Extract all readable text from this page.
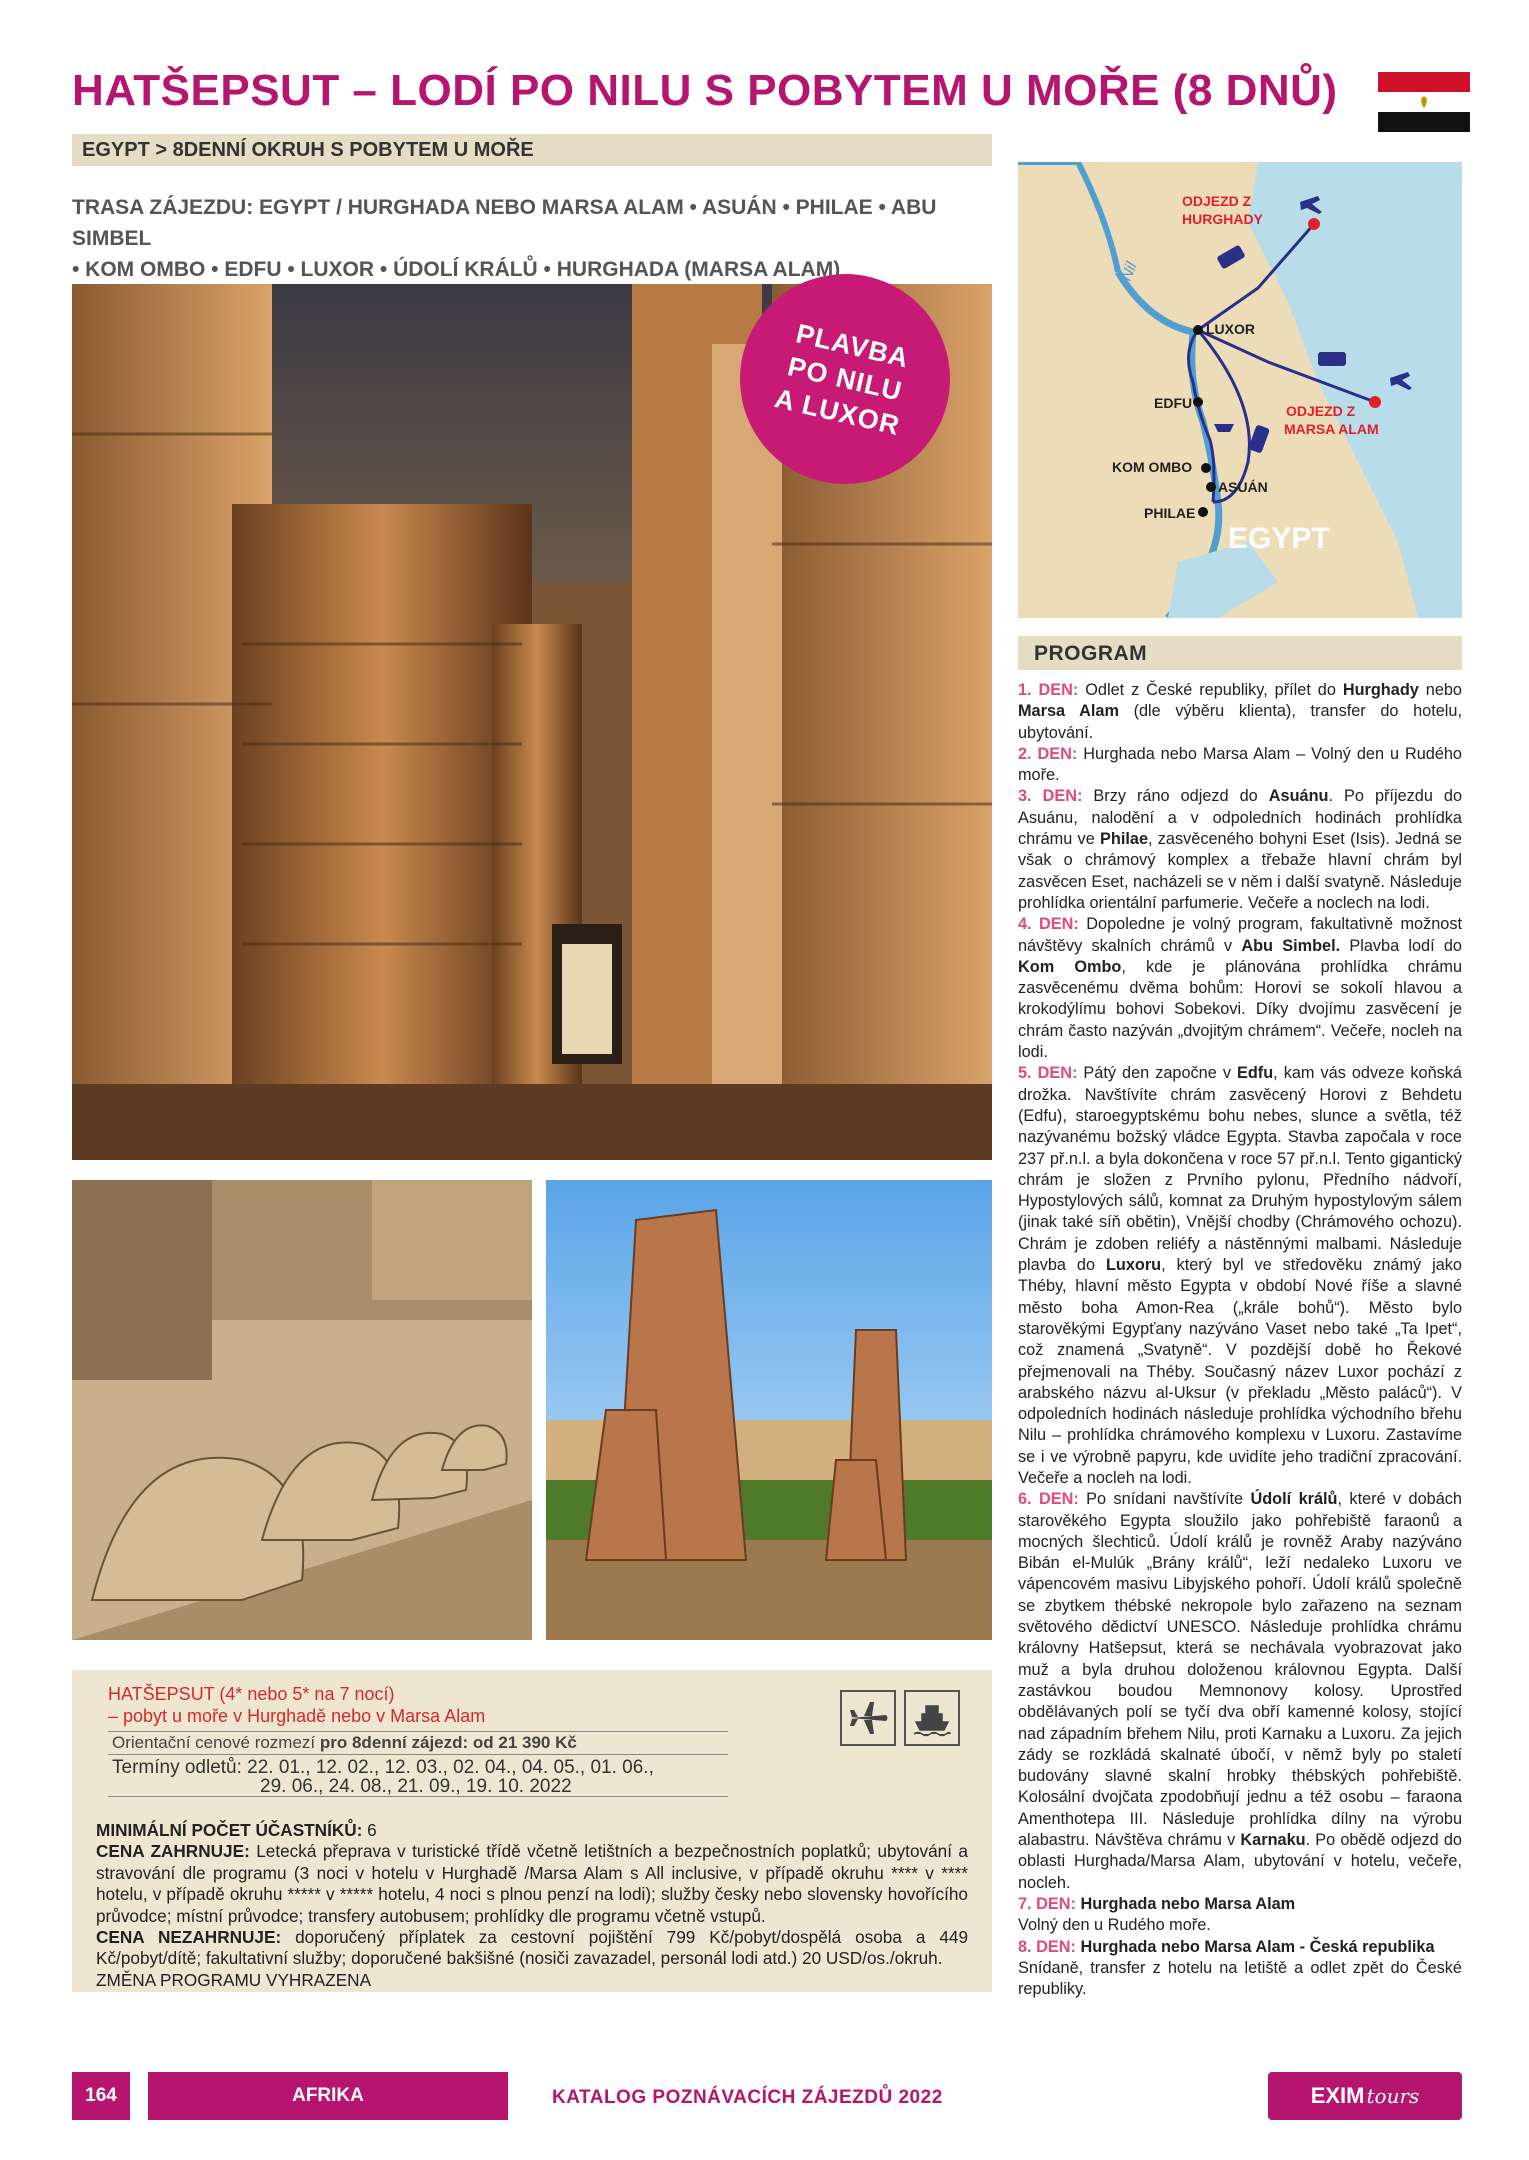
HATŠEPSUT – LODÍ PO NILU S POBYTEM U MOŘE (8 DNŮ)
EGYPT > 8DENNÍ OKRUH S POBYTEM U MOŘE
TRASA ZÁJEZDU: EGYPT / HURGHADA NEBO MARSA ALAM • ASUÁN • PHILAE • ABU SIMBEL
• KOM OMBO • EDFU • LUXOR • ÚDOLÍ KRÁLŮ • HURGHADA (MARSA ALAM)
PLAVBA
PO NILU
A LUXOR
Nil
ODJEZD Z
HURGHADY
ODJEZD Z
MARSA ALAM
LUXOR
EDFU
KOM OMBO
ASUÁN
PHILAE
EGYPT
PROGRAM

1. DEN: Odlet z České republiky, přílet do Hurghady nebo Marsa Alam (dle výběru klienta), transfer do hotelu, ubytování.

2. DEN: Hurghada nebo Marsa Alam – Volný den u Rudého moře.

3. DEN: Brzy ráno odjezd do Asuánu. Po příjezdu do Asuánu, nalodění a v odpoledních hodinách prohlídka chrámu ve Philae, zasvěceného bohyni Eset (Isis). Jedná se však o chrámový komplex a třebaže hlavní chrám byl zasvěcen Eset, nacházeli se v něm i další svatyně. Následuje prohlídka orientální parfumerie. Večeře a noclech na lodi.

4. DEN: Dopoledne je volný program, fakultativně možnost návštěvy skalních chrámů v Abu Simbel. Plavba lodí do Kom Ombo, kde je plánována prohlídka chrámu zasvěcenému dvěma bohům: Horovi se sokolí hlavou a krokodýlímu bohovi Sobekovi. Díky dvojímu zasvěcení je chrám často nazýván „dvojitým chrámem“. Večeře, nocleh na lodi.

5. DEN: Pátý den započne v Edfu, kam vás odveze koňská drožka. Navštívíte chrám zasvěcený Horovi z Behdetu (Edfu), staroegyptskému bohu nebes, slunce a světla, též nazývanému božský vládce Egypta. Stavba započala v roce 237 př.n.l. a byla dokončena v roce 57 př.n.l. Tento gigantický chrám je složen z Prvního pylonu, Předního nádvoří, Hypostylových sálů, komnat za Druhým hypostylovým sálem (jinak také síň obětin), Vnější chodby (Chrámového ochozu). Chrám je zdoben reliéfy a nástěnnými malbami. Následuje plavba do Luxoru, který byl ve středověku známý jako Théby, hlavní město Egypta v období Nové říše a slavné město boha Amon-Rea („krále bohů“). Město bylo starověkými Egypťany nazýváno Vaset nebo také „Ta Ipet“, což znamená „Svatyně“. V pozdější době ho Řekové přejmenovali na Théby. Současný název Luxor pochází z arabského názvu al-Uksur (v překladu „Město paláců“). V odpoledních hodinách následuje prohlídka východního břehu Nilu – prohlídka chrámového komplexu v Luxoru. Zastavíme se i ve výrobně papyru, kde uvidíte jeho tradiční zpracování. Večeře a nocleh na lodi.

6. DEN: Po snídani navštívíte Údolí králů, které v dobách starověkého Egypta sloužilo jako pohřebiště faraonů a mocných šlechticů. Údolí králů je rovněž Araby nazýváno Bibán el-Mulúk „Brány králů“, leží nedaleko Luxoru ve vápencovém masivu Libyjského pohoří. Údolí králů společně se zbytkem thébské nekropole bylo zařazeno na seznam světového dědictví UNESCO. Následuje prohlídka chrámu královny Hatšepsut, která se nechávala vyobrazovat jako muž a byla druhou doloženou královnou Egypta. Další zastávkou boudou Memnonovy kolosy. Uprostřed obdělávaných polí se tyčí dva obří kamenné kolosy, stojící nad západním břehem Nilu, proti Karnaku a Luxoru. Za jejich zády se rozkládá skalnaté úbočí, v němž byly po staletí budovány slavné skalní hrobky thébských pohřebiště. Kolosální dvojčata zpodobňují jednu a též osobu – faraona Amenthotepa III. Následuje prohlídka dílny na výrobu alabastru. Návštěva chrámu v Karnaku. Po obědě odjezd do oblasti Hurghada/Marsa Alam, ubytování v hotelu, večeře, nocleh.

7. DEN: Hurghada nebo Marsa Alam
Volný den u Rudého moře.

8. DEN: Hurghada nebo Marsa Alam - Česká republika
Snídaně, transfer z hotelu na letiště a odlet zpět do České republiky.

HATŠEPSUT (4* nebo 5* na 7 nocí)
– pobyt u moře v Hurghadě nebo v Marsa Alam
Orientační cenové rozmezí pro 8denní zájezd: od 21 390 Kč
Termíny odletů: 22. 01., 12. 02., 12. 03., 02. 04., 04. 05., 01. 06.,
29. 06., 24. 08., 21. 09., 19. 10. 2022

MINIMÁLNÍ POČET ÚČASTNÍKŮ: 6

CENA ZAHRNUJE: Letecká přeprava v turistické třídě včetně letištních a bezpečnostních poplatků; ubytování a stravování dle programu (3 noci v hotelu v Hurghadě /Marsa Alam s All inclusive, v případě okruhu **** v **** hotelu, v případě okruhu ***** v ***** hotelu, 4 noci s plnou penzí na lodi); služby česky nebo slovensky hovořícího průvodce; místní průvodce; transfery autobusem; prohlídky dle programu včetně vstupů.

CENA NEZAHRNUJE: doporučený příplatek za cestovní pojištění 799 Kč/pobyt/dospělá osoba a 449 Kč/pobyt/dítě; fakultativní služby; doporučené bakšišné (nosiči zavazadel, personál lodi atd.) 20 USD/os./okruh.

ZMĚNA PROGRAMU VYHRAZENA

164	AFRIKA	KATALOG POZNÁVACÍCH ZÁJEZDŮ 2022	EXIM tours
